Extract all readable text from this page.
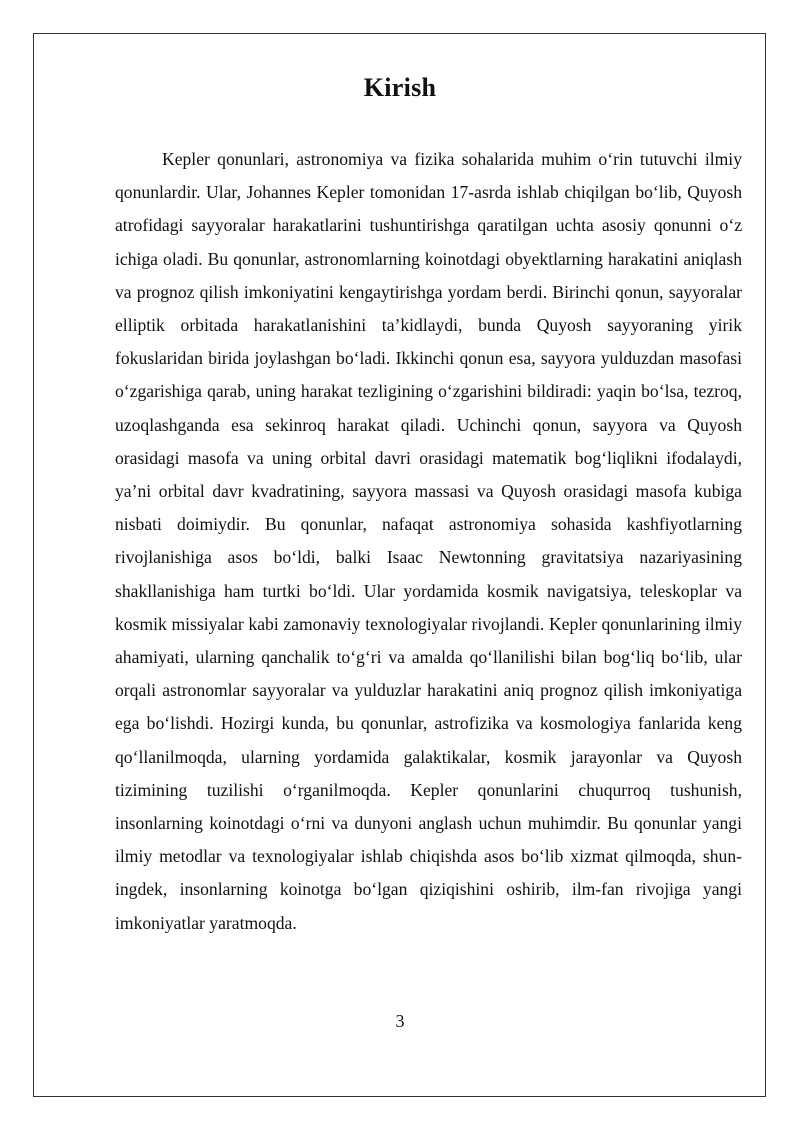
Kirish

Kepler qonunlari, astronomiya va fizika sohalarida muhim o‘rin tutuvchi ilmiy qonunlardir. Ular, Johannes Kepler tomonidan 17-asrda ishlab chiqilgan bo‘lib, Quyosh atrofidagi sayyoralar harakatlarini tushuntirishga qaratilgan uchta asosiy qonunni o‘z ichiga oladi. Bu qonunlar, astronomlarning koinotdagi obyektlarning harakatini aniqlash va prognoz qilish imkoniyatini kengaytirishga yordam berdi. Birinchi qonun, sayyoralar elliptik orbitada harakatlanishini ta’kidlaydi, bunda Quyosh sayyoraning yirik fokuslaridan birida joylashgan bo‘ladi. Ikkinchi qonun esa, sayyora yulduzdan masofasi o‘zgarishiga qarab, uning harakat tezligining o‘zgarishini bildiradi: yaqin bo‘lsa, tezroq, uzoqlashganda esa sekinroq harakat qiladi. Uchinchi qonun, sayyora va Quyosh orasidagi masofa va uning orbital davri orasidagi matematik bog‘liqlikni ifodalaydi, ya’ni orbital davr kvadratining, sayyora massasi va Quyosh orasidagi masofa kubiga nisbati doimiydir. Bu qonunlar, nafaqat astronomiya sohasida kashfiyotlarning rivojlanishiga asos bo‘ldi, balki Isaac Newtonning gravitatsiya nazariyasining shakllanishiga ham turtki bo‘ldi. Ular yordamida kosmik navigatsiya, teleskoplar va kosmik missiyalar kabi zamonaviy texnologiyalar rivojlandi. Kepler qonunlarining ilmiy ahamiyati, ularning qanchalik to‘g‘ri va amalda qo‘llanilishi bilan bog‘liq bo‘lib, ular orqali astronomlar sayyoralar va yulduzlar harakatini aniq prognoz qilish imkoniyatiga ega bo‘lishdi. Hozirgi kunda, bu qonunlar, astrofizika va kosmologiya fanlarida keng qo‘llanilmoqda, ularning yordamida galaktikalar, kosmik jarayonlar va Quyosh tizimining tuzilishi o‘rganilmoqda. Kepler qonunlarini chuqurroq tushunish, insonlarning koinotdagi o‘rni va dunyoni anglash uchun muhimdir. Bu qonunlar yangi ilmiy metodlar va texnologiyalar ishlab chiqishda asos bo‘lib xizmat qilmoqda, shuningdek, insonlarning koinotga bo‘lgan qiziqishini oshirib, ilm-fan rivojiga yangi imkoniyatlar yaratmoqda.

3
